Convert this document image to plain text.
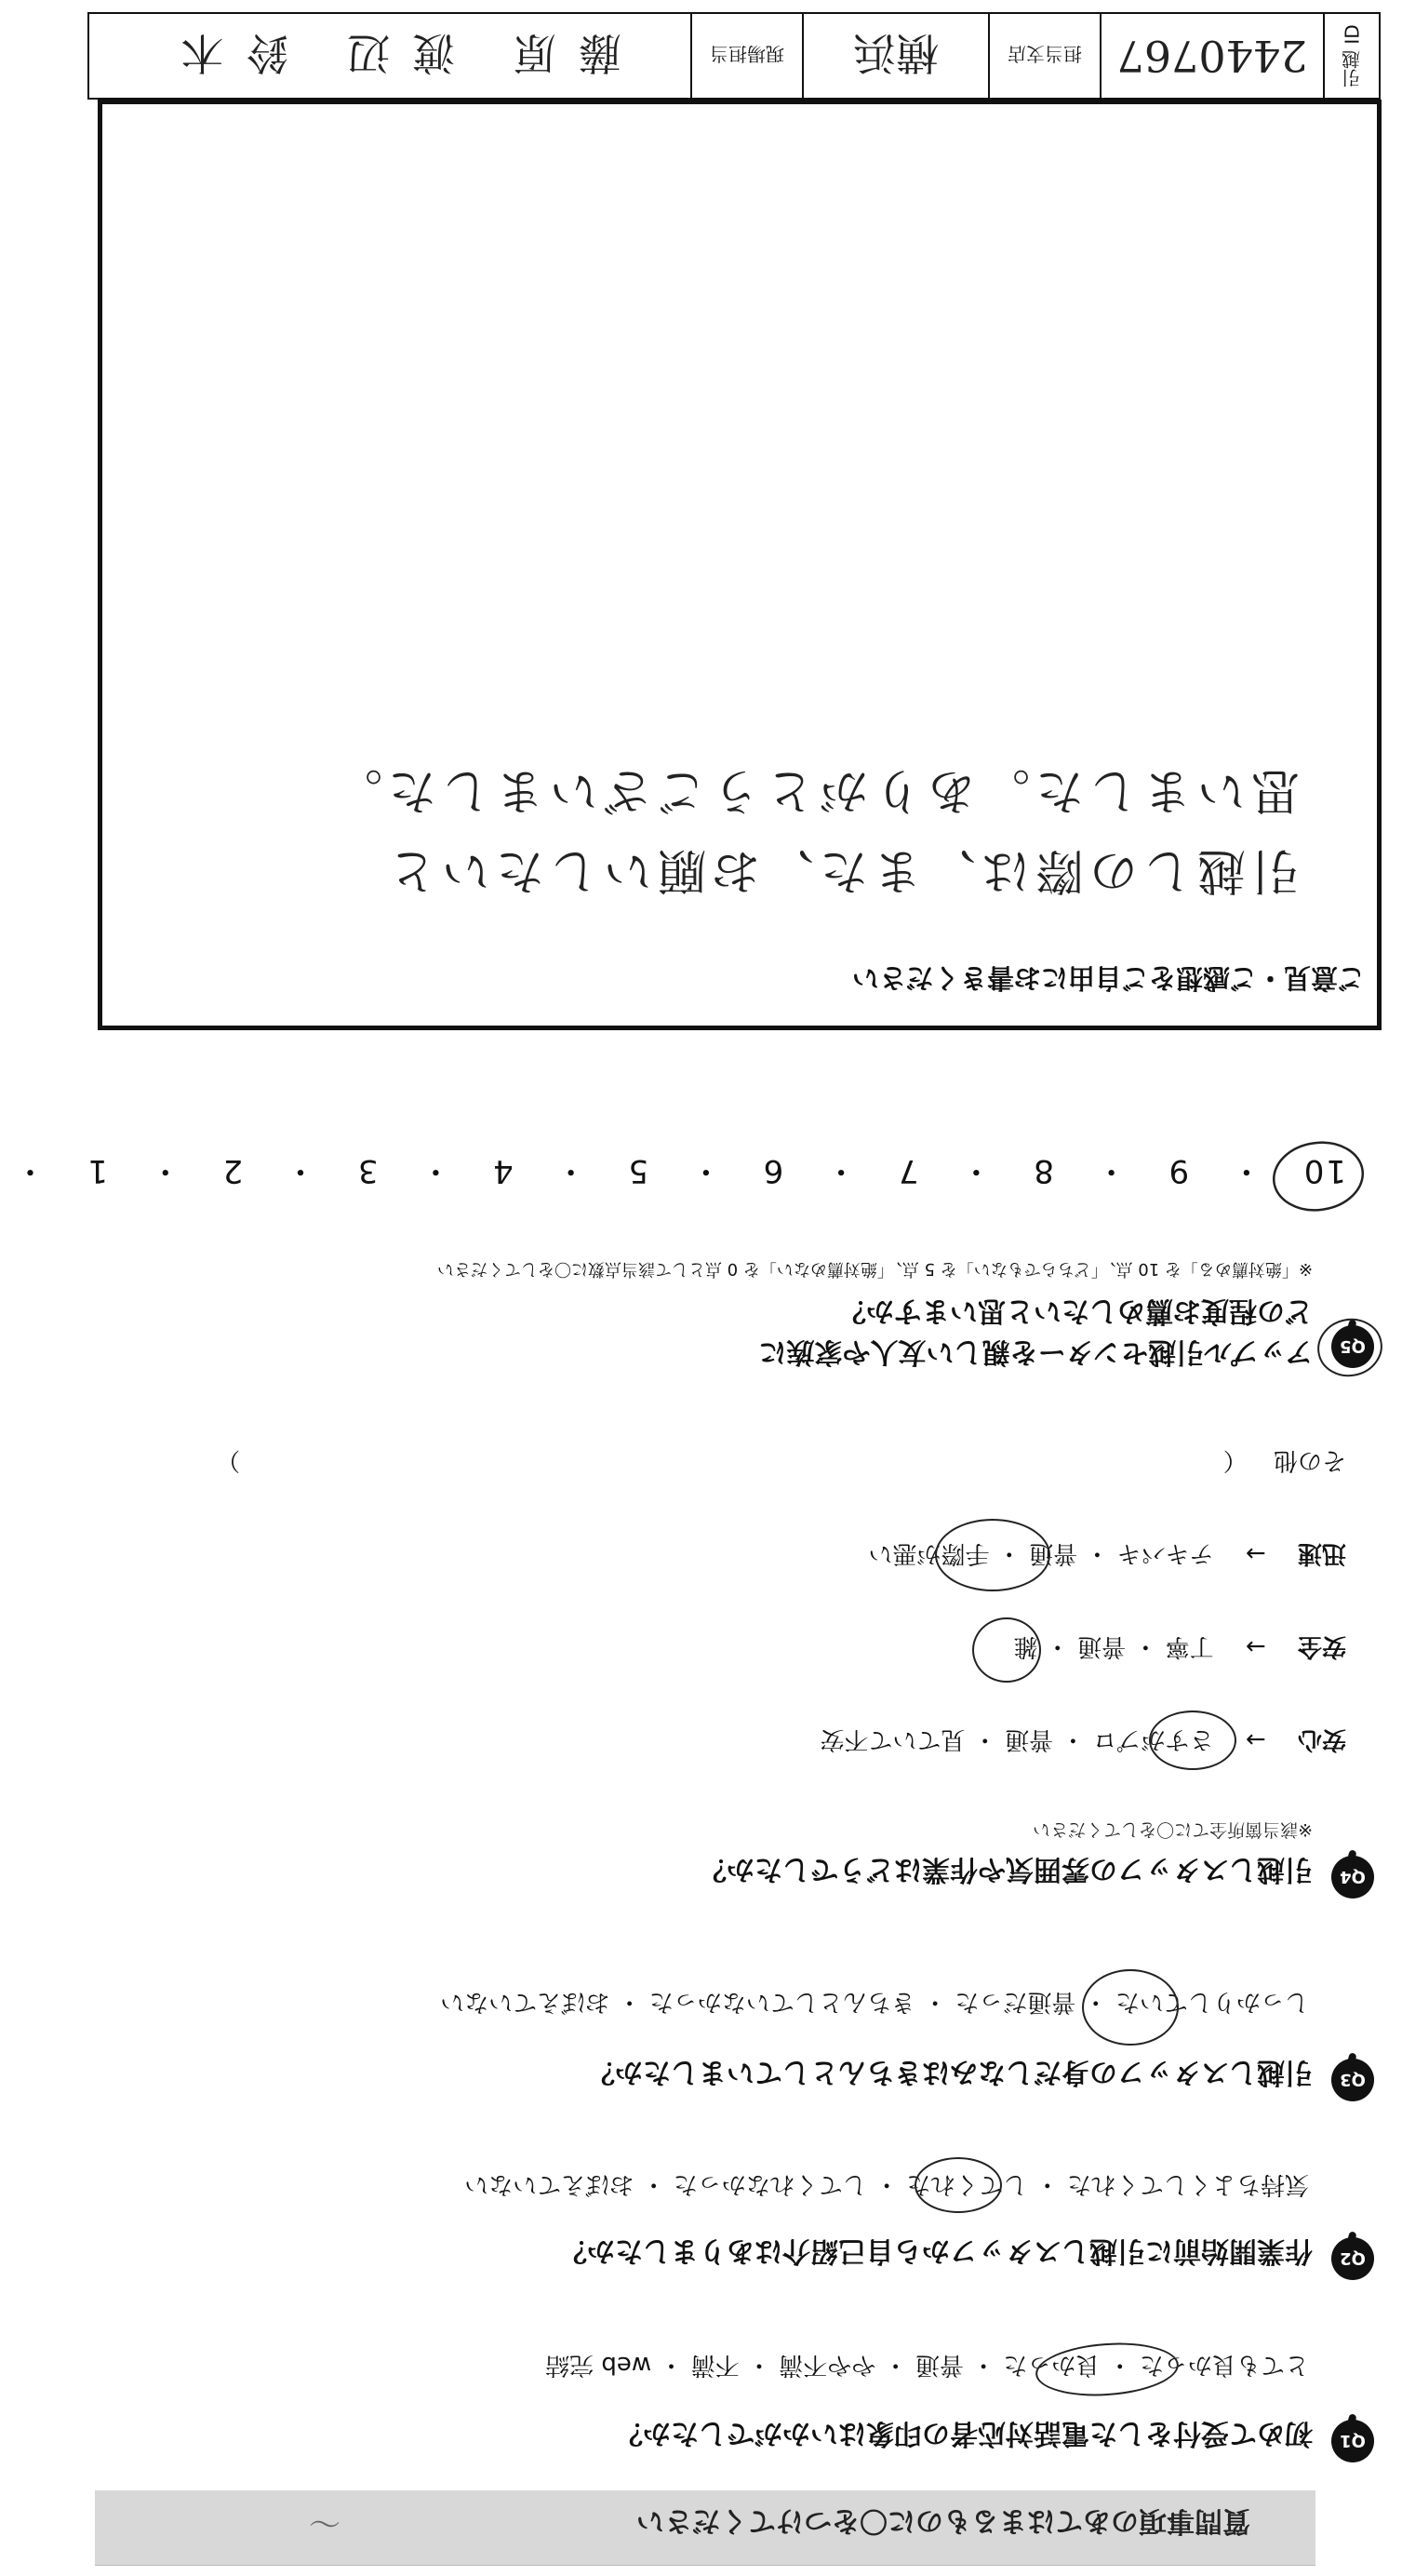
〜	質問事項のあてはまるものに〇をつけてください
Q1
初めて受付をした電話対応者の印象はいかがでしたか？
とても良かった ・ 良かった ・ 普通 ・ やや不満 ・ 不満 ・ web 完結
Q2
作業開始前に引越しスタッフから自己紹介はありましたか？
気持ちよくしてくれた ・ してくれた ・ してくれなかった ・ おぼえていない
Q3
引越しスタッフの身だしなみはきちんとしていましたか？
しっかりしていた ・ 普通だった ・ きちんとしていなかった ・ おぼえていない
Q4
引越しスタッフの雰囲気や作業はどうでしたか？
※該当箇所全てに〇をしてください
安心 → さすがプロ ・ 普通 ・ 見ていて不安
安全 → 丁寧 ・ 普通 ・ 雑
迅速 → テキパキ ・ 普通 ・ 手際が悪い
その他 （  ）
Q5
アップル引越センターを親しい友人や家族に
どの程度お薦めしたいと思いますか？
※「絶対薦める」を 10 点、「どちらでもない」を 5 点、「絶対薦めない」を 0 点として該当点数に〇をしてください
10 ・ 9 ・ 8 ・ 7 ・ 6 ・ 5 ・ 4 ・ 3 ・ 2 ・ 1 ・
ご意見・ご感想をご自由にお書きください
引越しの際は、また、お願いしたいと
思いました。ありがとうございました。
引越 ID
2440767
担当支店
横浜
現場担当
藤原 渡辺 鈴木
